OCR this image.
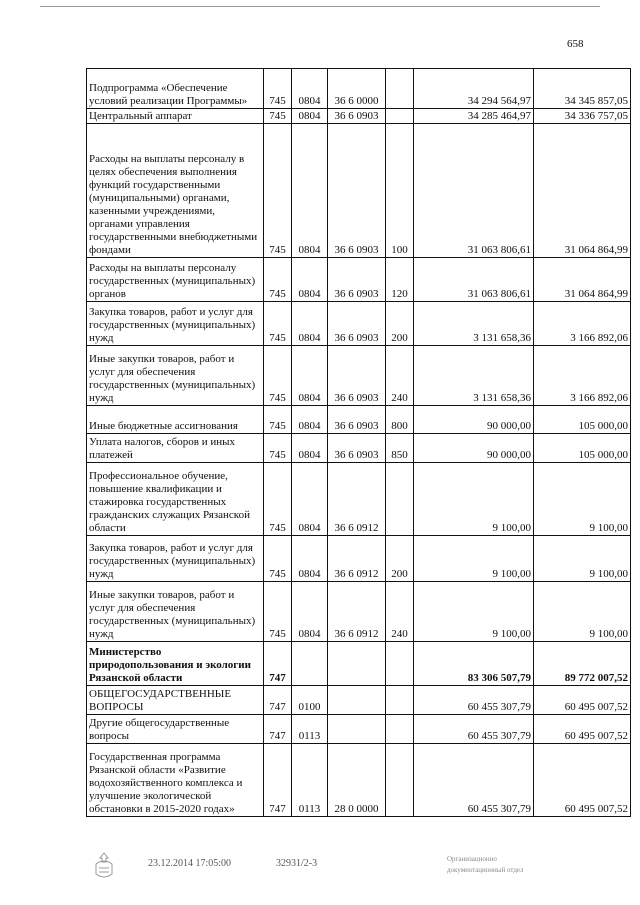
658
Подпрограмма «Обеспечение условий реализации Программы»	745	0804	36 6 0000		34 294 564,97	34 345 857,05
Центральный аппарат	745	0804	36 6 0903		34 285 464,97	34 336 757,05
Расходы на выплаты персоналу в целях обеспечения выполнения функций государственными (муниципальными) органами, казенными учреждениями, органами управления государственными внебюджетными фондами	745	0804	36 6 0903	100	31 063 806,61	31 064 864,99
Расходы на выплаты персоналу государственных (муниципальных) органов	745	0804	36 6 0903	120	31 063 806,61	31 064 864,99
Закупка товаров, работ и услуг для государственных (муниципальных) нужд	745	0804	36 6 0903	200	3 131 658,36	3 166 892,06
Иные закупки товаров, работ и услуг для обеспечения государственных (муниципальных) нужд	745	0804	36 6 0903	240	3 131 658,36	3 166 892,06
Иные бюджетные ассигнования	745	0804	36 6 0903	800	90 000,00	105 000,00
Уплата налогов, сборов и иных платежей	745	0804	36 6 0903	850	90 000,00	105 000,00
Профессиональное обучение, повышение квалификации и стажировка государственных гражданских служащих Рязанской области	745	0804	36 6 0912		9 100,00	9 100,00
Закупка товаров, работ и услуг для государственных (муниципальных) нужд	745	0804	36 6 0912	200	9 100,00	9 100,00
Иные закупки товаров, работ и услуг для обеспечения государственных (муниципальных) нужд	745	0804	36 6 0912	240	9 100,00	9 100,00
Министерство природопользования и экологии Рязанской области	747				83 306 507,79	89 772 007,52
ОБЩЕГОСУДАРСТВЕННЫЕ ВОПРОСЫ	747	0100			60 455 307,79	60 495 007,52
Другие общегосударственные вопросы	747	0113			60 455 307,79	60 495 007,52
Государственная программа Рязанской области «Развитие водохозяйственного комплекса и улучшение экологической обстановки в 2015-2020 годах»	747	0113	28 0 0000		60 455 307,79	60 495 007,52
23.12.2014 17:05:00	32931/2-3	Организационно
документационный отдел
